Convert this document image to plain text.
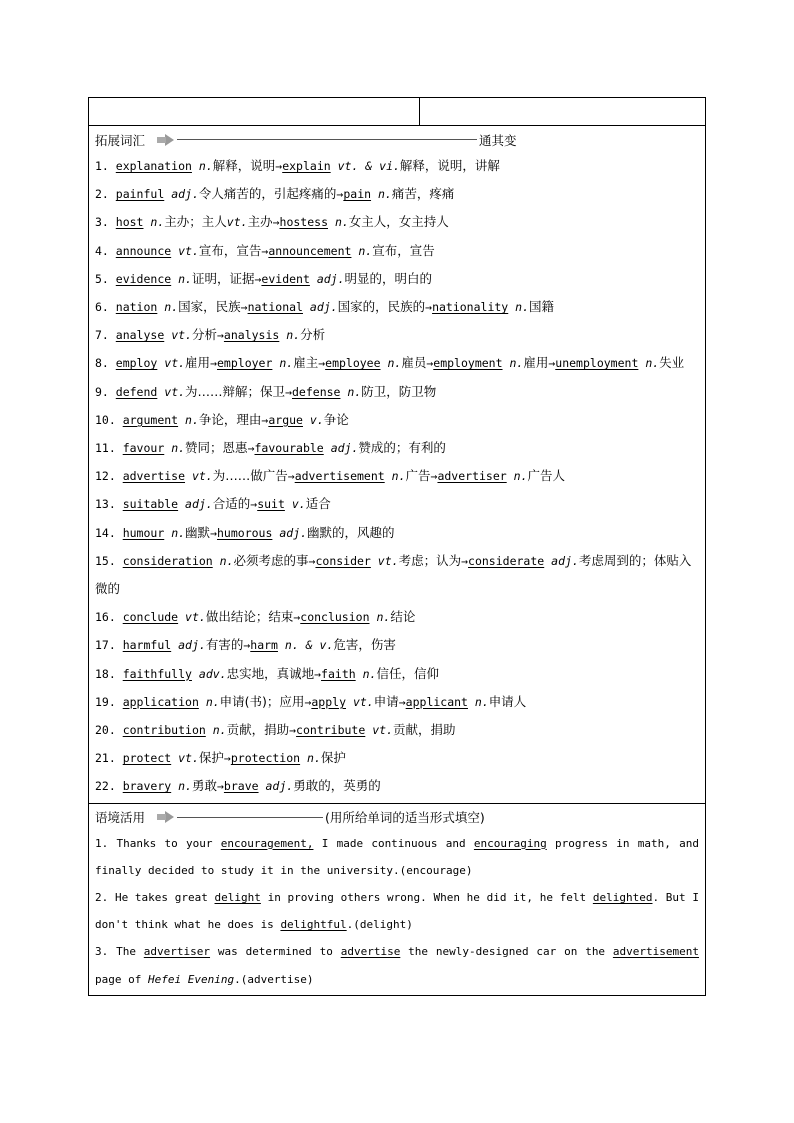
拓展词汇	通其变
1. explanation n.解释，说明→explain vt. & vi.解释，说明，讲解
2. painful adj.令人痛苦的，引起疼痛的→pain n.痛苦，疼痛
3. host n.主办；主人vt.主办→hostess n.女主人，女主持人
4. announce vt.宣布，宣告→announcement n.宣布，宣告
5. evidence n.证明，证据→evident adj.明显的，明白的
6. nation n.国家，民族→national adj.国家的，民族的→nationality n.国籍
7. analyse vt.分析→analysis n.分析
8. employ vt.雇用→employer n.雇主→employee n.雇员→employment n.雇用→unemployment n.失业
9. defend vt.为……辩解；保卫→defense n.防卫，防卫物
10. argument n.争论，理由→argue v.争论
11. favour n.赞同；恩惠→favourable adj.赞成的；有利的
12. advertise vt.为……做广告→advertisement n.广告→advertiser n.广告人
13. suitable adj.合适的→suit v.适合
14. humour n.幽默→humorous adj.幽默的，风趣的
15. consideration n.必须考虑的事→consider vt.考虑；认为→considerate adj.考虑周到的；体贴入微的
16. conclude vt.做出结论；结束→conclusion n.结论
17. harmful adj.有害的→harm n. & v.危害，伤害
18. faithfully adv.忠实地，真诚地→faith n.信任，信仰
19. application n.申请(书)；应用→apply vt.申请→applicant n.申请人
20. contribution n.贡献，捐助→contribute vt.贡献，捐助
21. protect vt.保护→protection n.保护
22. bravery n.勇敢→brave adj.勇敢的，英勇的
语境活用	(用所给单词的适当形式填空)
1. Thanks to your encouragement, I made continuous and encouraging progress in math, and finally decided to study it in the university.(encourage)
2. He takes great delight in proving others wrong. When he did it, he felt delighted. But I don't think what he does is delightful.(delight)
3. The advertiser was determined to advertise the newly-designed car on the advertisement page of Hefei Evening.(advertise)
